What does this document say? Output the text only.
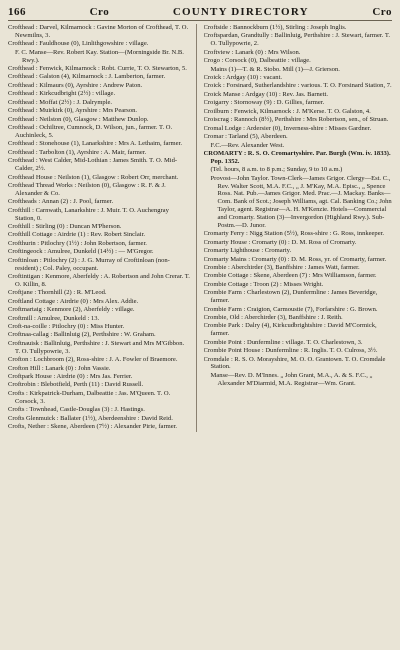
166	Cro	COUNTY DIRECTORY	Cro

Crofthead : Darvel, Kilmarnock : Gavine Morton of Crofthead, T. O. Newmilns, 3.

Crofthead : Fauldhouse (0), Linlithgowshire : village.

F. C. Manse—Rev. Robert Kay. Station—(Morningside Br. N.B. Rwy.).

Crofthead : Fenwick, Kilmarnock : Robt. Currie, T. O. Stewarton, 5.

Crofthead : Galston (4), Kilmarnock : J. Lamberton, farmer.

Crofthead : Kilmaurs (0), Ayrshire : Andrew Paton.

Crofthead : Kirkcudbright (2½) : village.

Crofthead : Moffat (2½) : J. Dalrymple.

Crofthead : Muirkirk (0), Ayrshire : Mrs Pearson.

Crofthead : Neilston (0), Glasgow : Matthew Dunlop.

Crofthead : Ochiltree, Cumnock, D. Wilson, jun., farmer. T. O. Auchinleck, 5.

Crofthead : Stonehouse (1), Lanarkshire : Mrs A. Lethaim, farmer.

Crofthead : Tarbolton (1), Ayrshire : A. Mair, farmer.

Crofthead : West Calder, Mid-Lothian : James Smith. T. O. Mid-Calder, 2½.

Crofthead House : Neilston (1), Glasgow : Robert Orr, merchant.

Crofthead Thread Works : Neilston (0), Glasgow : R. F. & J. Alexander & Co.

Croftheads : Annan (2) : J. Pool, farmer.

Crofthill : Carnwath, Lanarkshire : J. Muir. T. O. Auchengray Station, 0.

Crofthill : Stirling (0) : Duncan M'Pherson.

Crofthill Cottage : Airdrie (1) : Rev. Robert Sinclair.

Crofthurin : Pitlochry (1½) : John Robertson, farmer.

Croftingeock : Amulree, Dunkeld (14½) : — M'Gregor.

Croftinloan : Pitlochry (2) : J. G. Murray of Croftinloan (non-resident) ; Col. Paley, occupant.

Croftintigan : Kenmore, Aberfeldy : A. Robertson and John Crerar. T. O. Killin, 8.

Croftjane : Thornhill (2) : R. M'Leod.

Croftland Cottage : Airdrie (0) : Mrs Alex. Addie.

Croftmartaig : Kenmore (2), Aberfeldy : village.

Croftmill : Amulree, Dunkeld : 13.

Croft-na-coille : Pitlochry (0) : Miss Hunter.

Croftnaa-callag : Ballinluig (2), Perthshire : W. Graham.

Croftnauisk : Ballinluig, Perthshire : J. Stewart and Mrs M'Gibbon. T. O. Tullypowrie, 3.

Crofton : Lochbroom (2), Ross-shire : J. A. Fowler of Braemore.

Crofton Hill : Lanark (0) : John Vassie.

Croftpark House : Airdrie (0) : Mrs Jas. Ferrier.

Croftrobin : Blebotfield, Perth (11) : David Russell.

Crofts : Kirkpatrick-Durham, Dalbeattie : Jas. M'Queen. T. O. Corsock, 3.

Crofts : Townhead, Castle-Douglas (3) : J. Hastings.

Crofts Glenmuick : Ballater (1½), Aberdeenshire : David Reid.

Crofts, Nether : Skene, Aberdeen (7½) : Alexander Pirie, farmer.

Croftside : Bannockburn (1½), Stirling : Joseph Inglis.

Croftspardan, Grandtully : Ballinluig, Perthshire : J. Stewart, farmer. T. O. Tullypowrie, 2.

Croftview : Lanark (0) : Mrs Wilson.

Crogo : Corsock (0), Dalbeattie : village.

Mains (1)—T. & R. Stobo. Mill (1)—J. Grierson.

Croick : Ardgay (10) : vacant.

Croick : Forsinard, Sutherlandshire : various. T. O. Forsinard Station, 7.

Croick Manse : Ardgay (10) : Rev. Jas. Barnett.

Croigarry : Stornoway (9) : D. Gillies, farmer.

Croilburn : Fenwick, Kilmarnock : J. M'Kerse. T. O. Galston, 4.

Croiscrag : Rannoch (8½), Perthshire : Mrs Robertson, sen., of Struan.

Cromal Lodge : Ardersier (0), Inverness-shire : Misses Gardner.

Cromar : Tarland (5), Aberdeen.

F.C.—Rev. Alexander West.

CROMARTY : R. S. O. Cromartyshire. Par. Burgh (Wm. iv. 1833). Pop. 1352.

(Tel. hours, 8 a.m. to 8 p.m.; Sunday, 9 to 10 a.m.)

Provost—John Taylor. Town-Clerk—James Grigor. Clergy—Est. C., Rev. Walter Scott, M.A. F.C., „ J. M'Kay, M.A. Episc., „ Spence Ross. Nat. Pub.—James Grigor. Med. Prac.—J. Mackay. Banks—Com. Bank of Scot.; Joseph Williams, agt. Cal. Banking Co.; John Taylor, agent. Registrar—A. H. M'Kenzie. Hotels—Commercial and Cromarty. Station (3)—Invergordon (Highland Rwy.). Sub-Postm.—D. Junor.

Cromarty Ferry : Nigg Station (5½), Ross-shire : G. Ross, innkeeper.

Cromarty House : Cromarty (0) : D. M. Ross of Cromarty.

Cromarty Lighthouse : Cromarty.

Cromarty Mains : Cromarty (0) : D. M. Ross, yr. of Cromarty, farmer.

Crombie : Aberchirder (3), Banffshire : James Watt, farmer.

Crombie Cottage : Skene, Aberdeen (7) : Mrs Williamson, farmer.

Crombie Cottage : Troon (2) : Misses Wright.

Crombie Farm : Charlestown (2), Dunfermline : James Beveridge, farmer.

Crombie Farm : Craigton, Carmoustie (7), Forfarshire : G. Brown.

Crombie, Old : Aberchirder (3), Banffshire : J. Reith.

Crombie Park : Dalry (4), Kirkcudbrightshire : David M'Cormick, farmer.

Crombie Point : Dunfermline : village. T. O. Charlestown, 3.

Crombie Point House : Dunfermline : R. Inglis. T. O. Culross, 3½.

Cromdale : R. S. O. Morayshire, M. O. O. Grantown. T. O. Cromdale Station.

Manse—Rev. D. M'Innes. „ John Grant, M.A., A. & S. F.C., „ Alexander M'Diarmid, M.A. Registrar—Wm. Grant.
